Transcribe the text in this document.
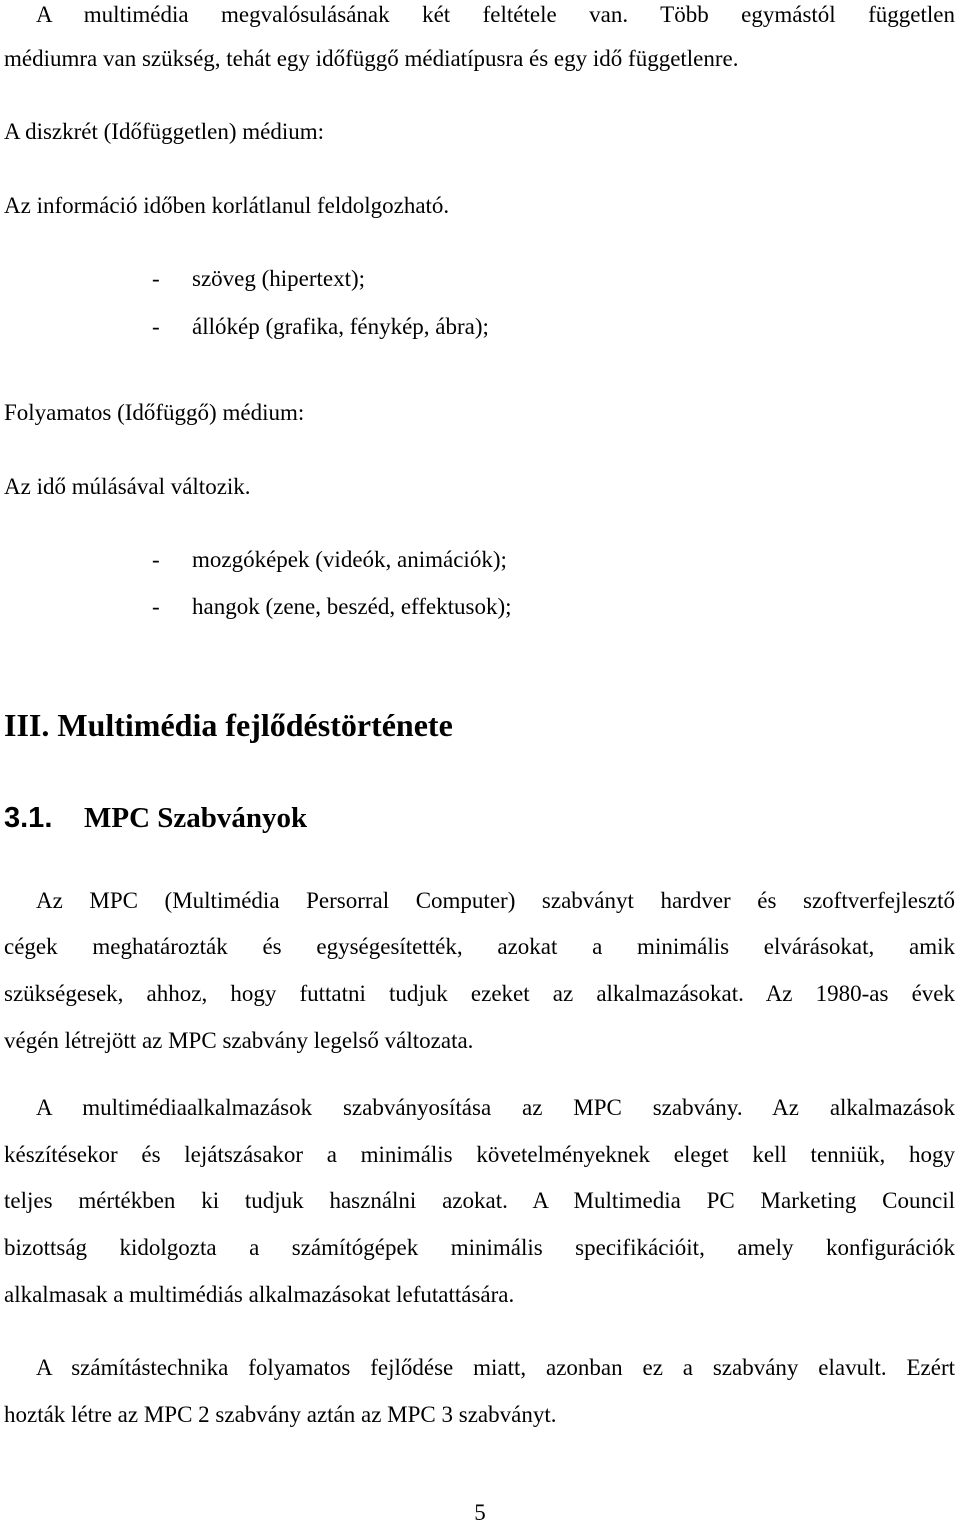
A multimédia megvalósulásának két feltétele van. Több egymástól független
médiumra van szükség, tehát egy időfüggő médiatípusra és egy idő függetlenre.
A diszkrét (Időfüggetlen) médium:
Az információ időben korlátlanul feldolgozható.
- szöveg (hipertext);
- állókép (grafika, fénykép, ábra);
Folyamatos (Időfüggő) médium:
Az idő múlásával változik.
- mozgóképek (videók, animációk);
- hangok (zene, beszéd, effektusok);
III. Multimédia fejlődéstörténete
3.1. MPC Szabványok
Az MPC (Multimédia Persorral Computer) szabványt hardver és szoftverfejlesztő
cégek meghatározták és egységesítették, azokat a minimális elvárásokat, amik
szükségesek, ahhoz, hogy futtatni tudjuk ezeket az alkalmazásokat. Az 1980-as évek
végén létrejött az MPC szabvány legelső változata.
A multimédiaalkalmazások szabványosítása az MPC szabvány. Az alkalmazások
készítésekor és lejátszásakor a minimális követelményeknek eleget kell tenniük, hogy
teljes mértékben ki tudjuk használni azokat. A Multimedia PC Marketing Council
bizottság kidolgozta a számítógépek minimális specifikációit, amely konfigurációk
alkalmasak a multimédiás alkalmazásokat lefutattására.
A számítástechnika folyamatos fejlődése miatt, azonban ez a szabvány elavult. Ezért
hozták létre az MPC 2 szabvány aztán az MPC 3 szabványt.
5
